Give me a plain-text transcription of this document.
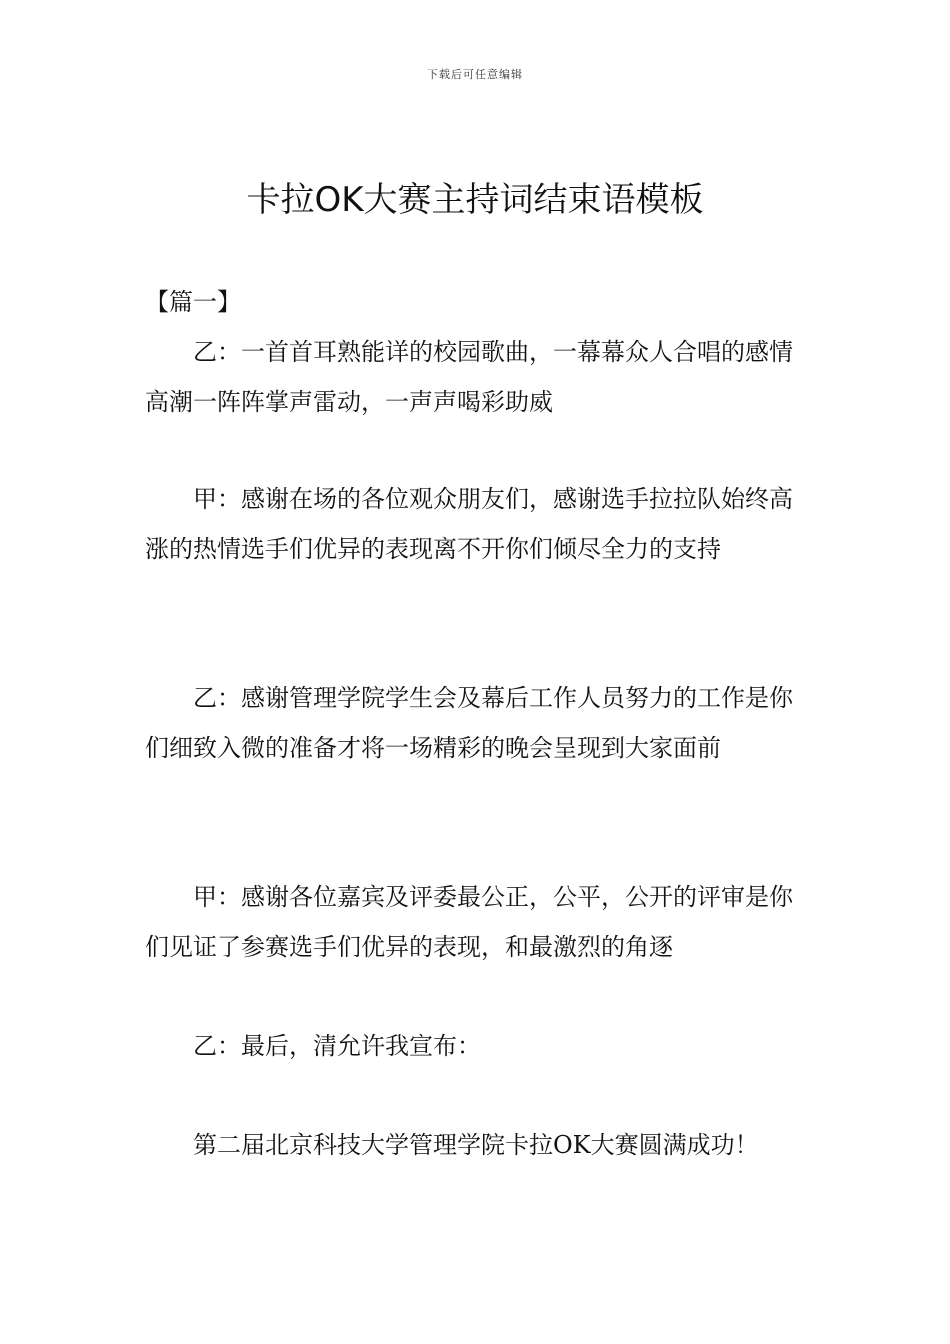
下载后可任意编辑
卡拉OK大赛主持词结束语模板

【篇一】

乙：一首首耳熟能详的校园歌曲，一幕幕众人合唱的感情高潮一阵阵掌声雷动，一声声喝彩助威

甲：感谢在场的各位观众朋友们，感谢选手拉拉队始终高涨的热情选手们优异的表现离不开你们倾尽全力的支持

乙：感谢管理学院学生会及幕后工作人员努力的工作是你们细致入微的准备才将一场精彩的晚会呈现到大家面前

甲：感谢各位嘉宾及评委最公正，公平，公开的评审是你们见证了参赛选手们优异的表现，和最激烈的角逐

乙：最后，清允许我宣布：

第二届北京科技大学管理学院卡拉OK大赛圆满成功！
